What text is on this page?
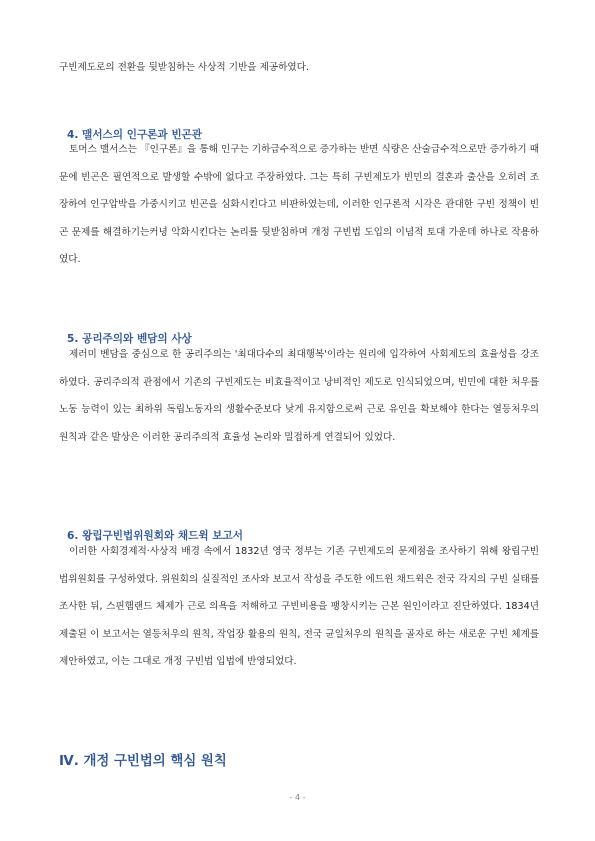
구빈제도로의 전환을 뒷받침하는 사상적 기반을 제공하였다.
4. 맬서스의 인구론과 빈곤관

토머스 맬서스는 『인구론』을 통해 인구는 기하급수적으로 증가하는 반면 식량은 산술급수적으로만 증가하기 때문에 빈곤은 필연적으로 발생할 수밖에 없다고 주장하였다. 그는 특히 구빈제도가 빈민의 결혼과 출산을 오히려 조장하여 인구압박을 가중시키고 빈곤을 심화시킨다고 비판하였는데, 이러한 인구론적 시각은 관대한 구빈 정책이 빈곤 문제를 해결하기는커녕 악화시킨다는 논리를 뒷받침하며 개정 구빈법 도입의 이념적 토대 가운데 하나로 작용하였다.

5. 공리주의와 벤담의 사상

제러미 벤담을 중심으로 한 공리주의는 '최대다수의 최대행복'이라는 원리에 입각하여 사회제도의 효율성을 강조하였다. 공리주의적 관점에서 기존의 구빈제도는 비효율적이고 낭비적인 제도로 인식되었으며, 빈민에 대한 처우를 노동 능력이 있는 최하위 독립노동자의 생활수준보다 낮게 유지함으로써 근로 유인을 확보해야 한다는 열등처우의 원칙과 같은 발상은 이러한 공리주의적 효율성 논리와 밀접하게 연결되어 있었다.

6. 왕립구빈법위원회와 채드윅 보고서

이러한 사회경제적·사상적 배경 속에서 1832년 영국 정부는 기존 구빈제도의 문제점을 조사하기 위해 왕립구빈법위원회를 구성하였다. 위원회의 실질적인 조사와 보고서 작성을 주도한 에드윈 채드윅은 전국 각지의 구빈 실태를 조사한 뒤, 스핀햄랜드 체제가 근로 의욕을 저해하고 구빈비용을 팽창시키는 근본 원인이라고 진단하였다. 1834년 제출된 이 보고서는 열등처우의 원칙, 작업장 활용의 원칙, 전국 균일처우의 원칙을 골자로 하는 새로운 구빈 체계를 제안하였고, 이는 그대로 개정 구빈법 입법에 반영되었다.

Ⅳ. 개정 구빈법의 핵심 원칙
- 4 -
